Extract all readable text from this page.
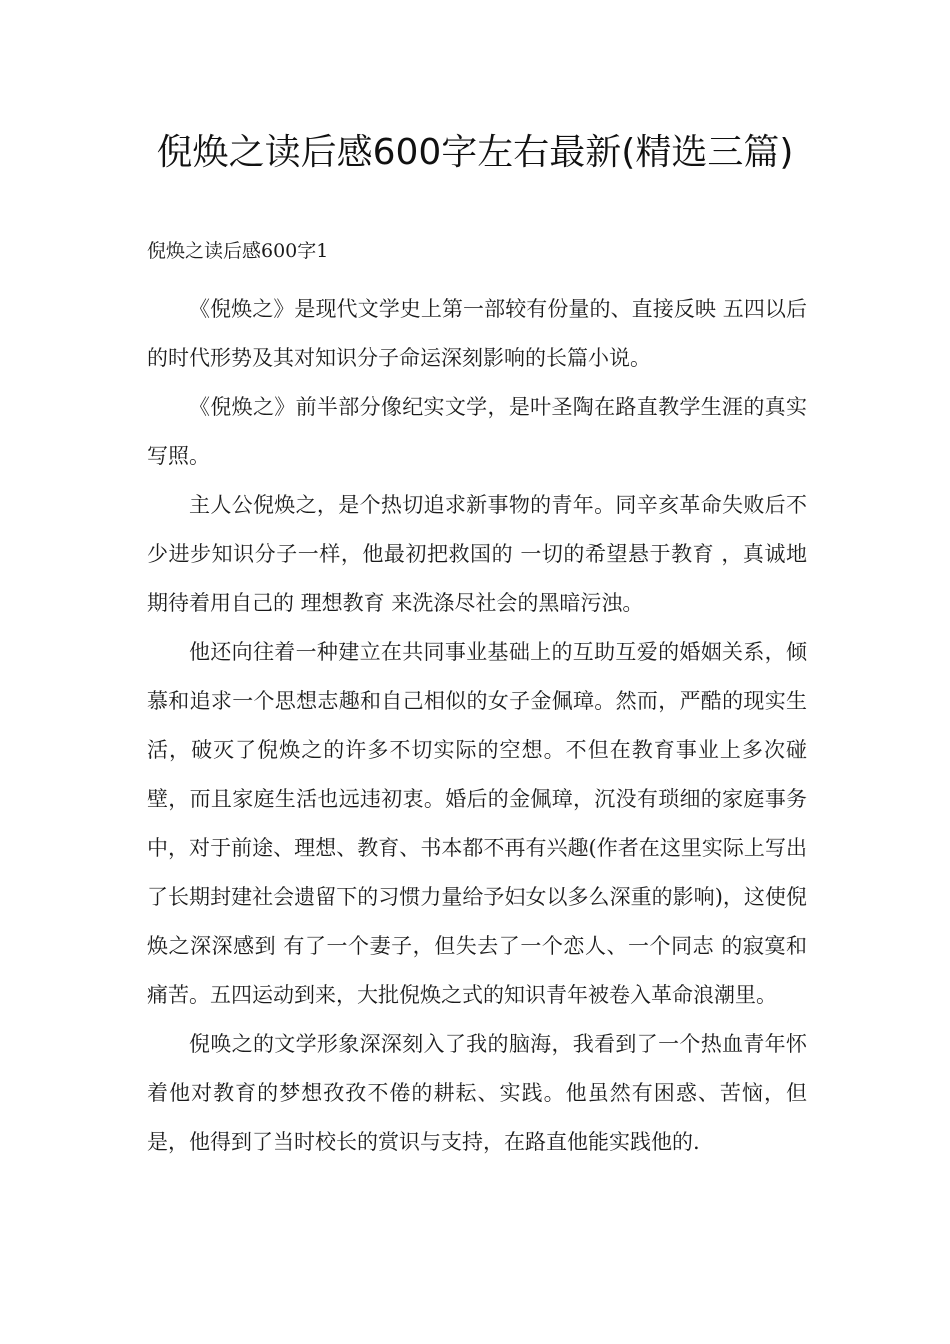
倪焕之读后感600字左右最新(精选三篇)
倪焕之读后感600字1

《倪焕之》是现代文学史上第一部较有份量的、直接反映 五四以后的时代形势及其对知识分子命运深刻影响的长篇小说。

《倪焕之》前半部分像纪实文学，是叶圣陶在路直教学生涯的真实写照。

主人公倪焕之，是个热切追求新事物的青年。同辛亥革命失败后不少进步知识分子一样，他最初把救国的 一切的希望悬于教育 ，真诚地期待着用自己的 理想教育 来洗涤尽社会的黑暗污浊。

他还向往着一种建立在共同事业基础上的互助互爱的婚姻关系，倾慕和追求一个思想志趣和自己相似的女子金佩璋。然而，严酷的现实生活，破灭了倪焕之的许多不切实际的空想。不但在教育事业上多次碰壁，而且家庭生活也远违初衷。婚后的金佩璋，沉没有琐细的家庭事务中，对于前途、理想、教育、书本都不再有兴趣(作者在这里实际上写出了长期封建社会遗留下的习惯力量给予妇女以多么深重的影响)，这使倪焕之深深感到 有了一个妻子，但失去了一个恋人、一个同志 的寂寞和痛苦。五四运动到来，大批倪焕之式的知识青年被卷入革命浪潮里。

倪唤之的文学形象深深刻入了我的脑海，我看到了一个热血青年怀着他对教育的梦想孜孜不倦的耕耘、实践。他虽然有困惑、苦恼，但是，他得到了当时校长的赏识与支持，在路直他能实践他的.
